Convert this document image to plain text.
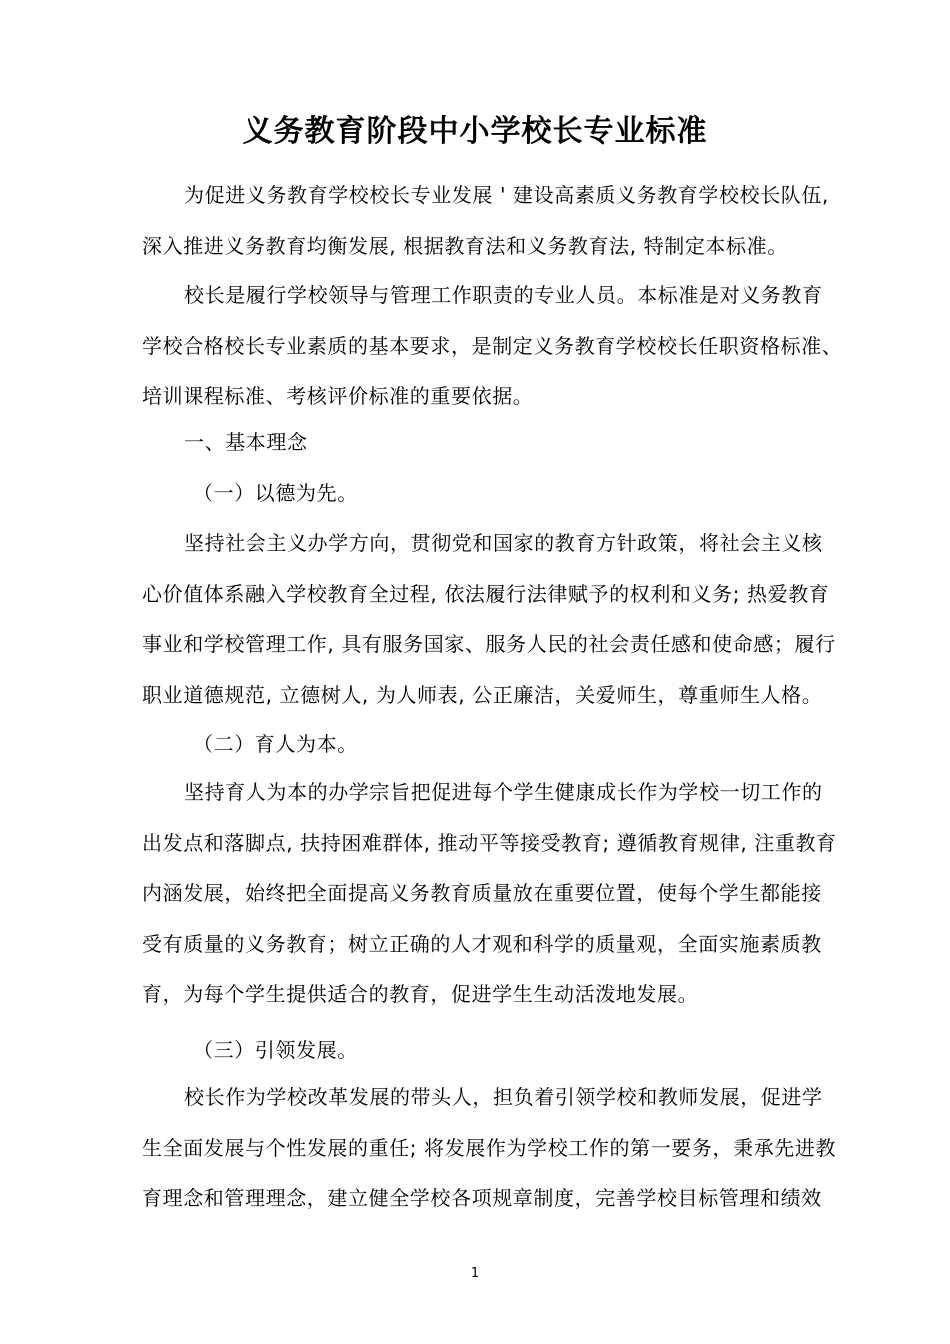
义务教育阶段中小学校长专业标准
为促进义务教育学校校长专业发展 ' 建设高素质义务教育学校校长队伍,
深入推进义务教育均衡发展, 根据教育法和义务教育法, 特制定本标准。
校长是履行学校领导与管理工作职责的专业人员。本标准是对义务教育
学校合格校长专业素质的基本要求，是制定义务教育学校校长任职资格标准、
培训课程标准、考核评价标准的重要依据。
一、基本理念
（一）以德为先。
坚持社会主义办学方向，贯彻党和国家的教育方针政策，将社会主义核
心价值体系融入学校教育全过程, 依法履行法律赋予的权利和义务; 热爱教育
事业和学校管理工作, 具有服务国家、服务人民的社会责任感和使命感；履行
职业道德规范, 立德树人, 为人师表, 公正廉洁，关爱师生，尊重师生人格。
（二）育人为本。
坚持育人为本的办学宗旨把促进每个学生健康成长作为学校一切工作的
出发点和落脚点, 扶持困难群体, 推动平等接受教育; 遵循教育规律, 注重教育
内涵发展，始终把全面提高义务教育质量放在重要位置，使每个学生都能接
受有质量的义务教育；树立正确的人才观和科学的质量观，全面实施素质教
育，为每个学生提供适合的教育，促进学生生动活泼地发展。
（三）引领发展。
校长作为学校改革发展的带头人，担负着引领学校和教师发展，促进学
生全面发展与个性发展的重任; 将发展作为学校工作的第一要务，秉承先进教
育理念和管理理念，建立健全学校各项规章制度，完善学校目标管理和绩效
1
